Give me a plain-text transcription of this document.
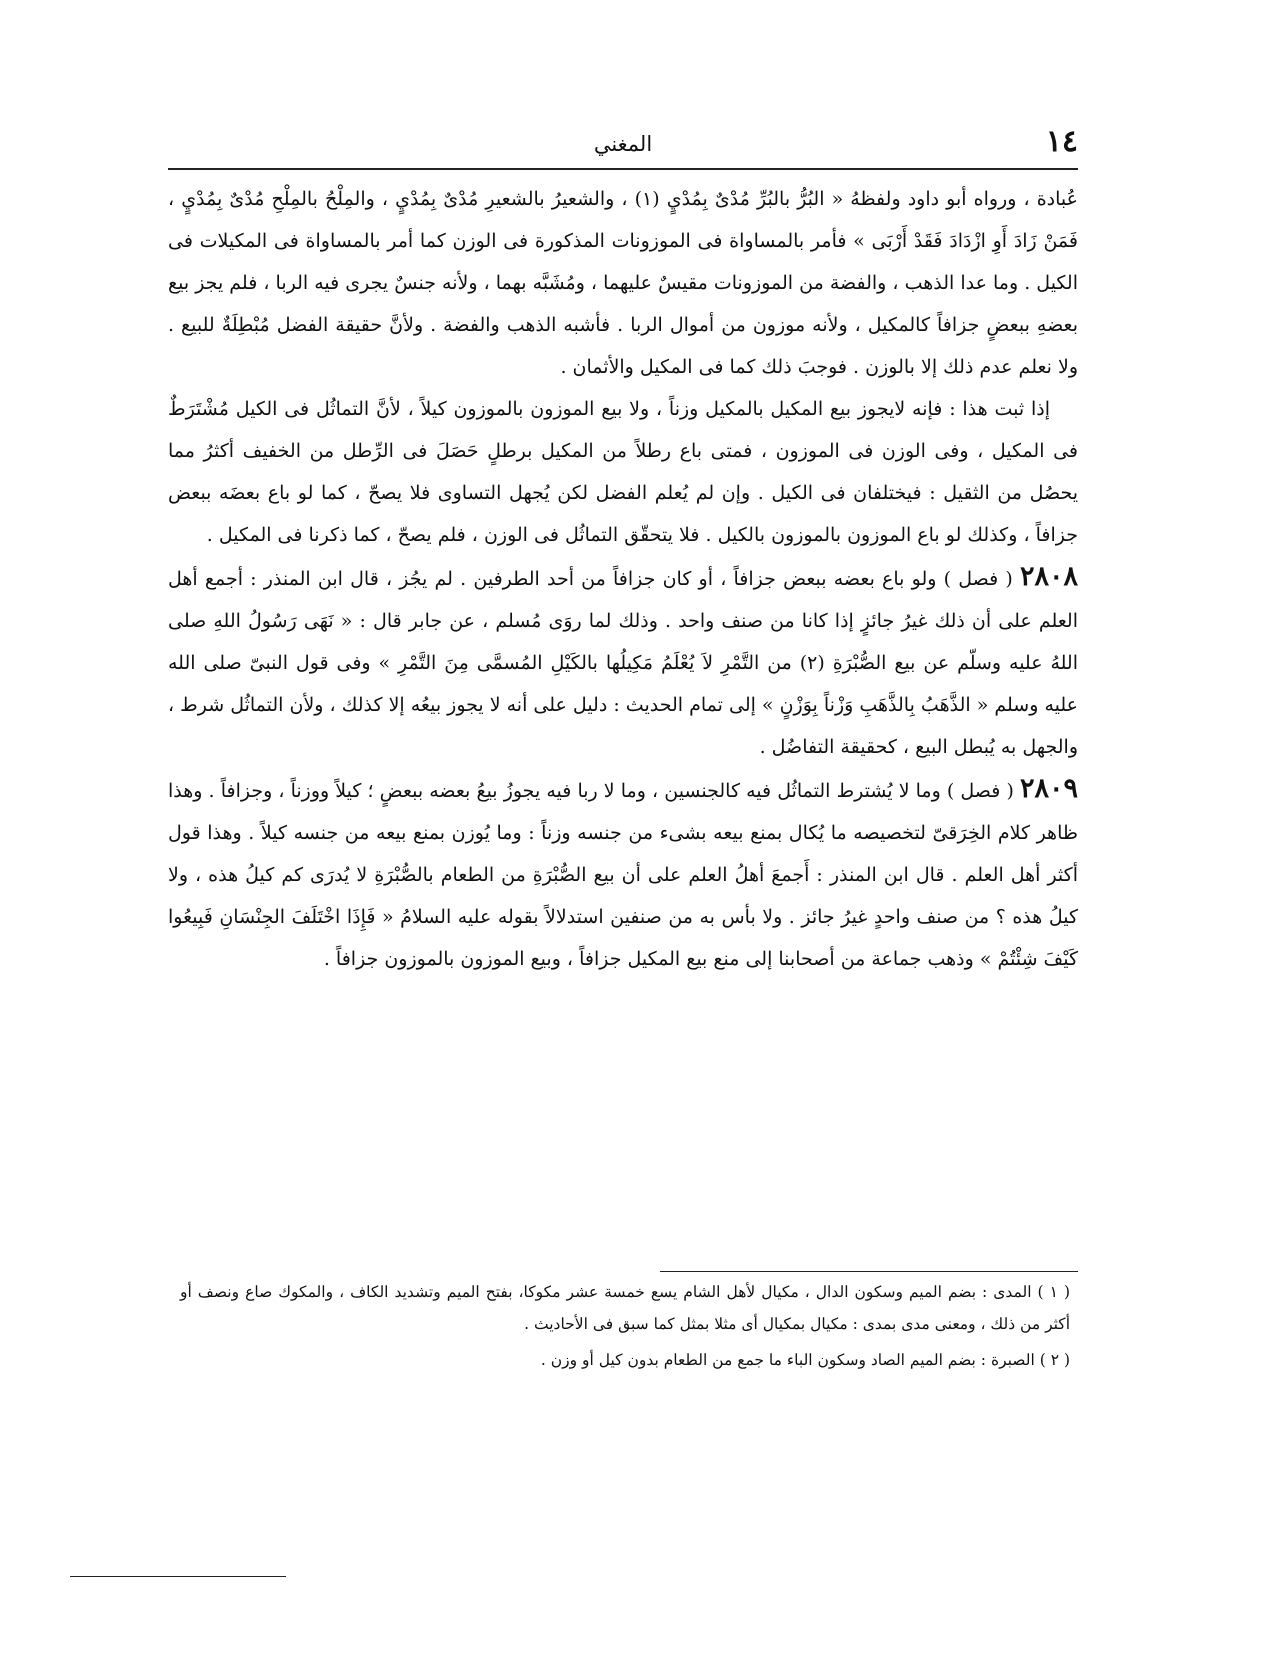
١٤
المغني

عُبادة ، ورواه أبو داود ولفظهُ « البُرُّ بالبُرِّ مُدْىٌ بِمُدْيٍ (١) ، والشعيرُ بالشعيرِ مُدْىٌ بِمُدْيٍ ، والمِلْحُ بالمِلْحِ مُدْىٌ بِمُدْيٍ ، فَمَنْ زَادَ أَوِ ازْدَادَ فَقَدْ أَرْبَى » فأمر بالمساواة فى الموزونات المذكورة فى الوزن كما أمر بالمساواة فى المكيلات فى الكيل . وما عدا الذهب ، والفضة من الموزونات مقيسٌ عليهما ، ومُشَبَّه بهما ، ولأنه جنسٌ يجرى فيه الربا ، فلم يجز بيع بعضهِ ببعضٍ جزافاً كالمكيل ، ولأنه موزون من أموال الربا . فأشبه الذهب والفضة . ولأنَّ حقيقة الفضل مُبْطِلَةٌ للبيع . ولا نعلم عدم ذلك إلا بالوزن . فوجبَ ذلك كما فى المكيل والأثمان .

إذا ثبت هذا : فإنه لايجوز بيع المكيل بالمكيل وزناً ، ولا بيع الموزون بالموزون كيلاً ، لأنَّ التماثُل فى الكيل مُشْتَرَطٌ فى المكيل ، وفى الوزن فى الموزون ، فمتى باع رطلاً من المكيل برطلٍ حَصَلَ فى الرِّطل من الخفيف أكثرُ مما يحصُل من الثقيل : فيختلفان فى الكيل . وإن لم يُعلم الفضل لكن يُجهل التساوى فلا يصحّ ، كما لو باع بعضَه ببعض جزافاً ، وكذلك لو باع الموزون بالموزون بالكيل . فلا يتحقّق التماثُل فى الوزن ، فلم يصحّ ، كما ذكرنا فى المكيل .

٢٨٠٨ ( فصل ) ولو باع بعضه ببعض جزافاً ، أو كان جزافاً من أحد الطرفين . لم يجُز ، قال ابن المنذر : أجمع أهل العلم على أن ذلك غيرُ جائزٍ إذا كانا من صنف واحد . وذلك لما روَى مُسلم ، عن جابر قال : « نَهَى رَسُولُ اللهِ صلى اللهُ عليه وسلّم عن بيع الصُّبْرَةِ (٢) من التَّمْرِ لاَ يُعْلَمُ مَكِيلُها بالكَيْلِ المُسمَّى مِنَ التَّمْرِ » وفى قول النبىّ صلى الله عليه وسلم « الذَّهَبُ بِالذَّهَبِ وَزْناً بِوَزْنٍ » إلى تمام الحديث : دليل على أنه لا يجوز بيعُه إلا كذلك ، ولأن التماثُل شرط ، والجهل به يُبطل البيع ، كحقيقة التفاضُل .

٢٨٠٩ ( فصل ) وما لا يُشترط التماثُل فيه كالجنسين ، وما لا ربا فيه يجوزُ بيعُ بعضه ببعضٍ ؛ كيلاً ووزناً ، وجزافاً . وهذا ظاهر كلام الخِرَقىّ لتخصيصه ما يُكال بمنع بيعه بشىء من جنسه وزناً : وما يُوزن بمنع بيعه من جنسه كيلاً . وهذا قول أكثر أهل العلم . قال ابن المنذر : أَجمعَ أهلُ العلم على أن بيع الصُّبْرَةِ من الطعام بالصُّبْرَةِ لا يُدرَى كم كيلُ هذه ، ولا كيلُ هذه ؟ من صنف واحدٍ غيرُ جائز . ولا بأس به من صنفين استدلالاً بقوله عليه السلامُ « فَإِذَا اخْتَلَفَ الجِنْسَانِ فَبِيعُوا كَيْفَ شِئْتُمْ » وذهب جماعة من أصحابنا إلى منع بيع المكيل جزافاً ، وبيع الموزون بالموزون جزافاً .

( ١ ) المدى : بضم الميم وسكون الدال ، مكيال لأهل الشام يسع خمسة عشر مكوكا، بفتح الميم وتشديد الكاف ، والمكوك صاع ونصف أو أكثر من ذلك ، ومعنى مدى بمدى : مكيال بمكيال أى مثلا بمثل كما سبق فى الأحاديث .

( ٢ ) الصبرة : بضم الميم الصاد وسكون الباء ما جمع من الطعام بدون كيل أو وزن .
